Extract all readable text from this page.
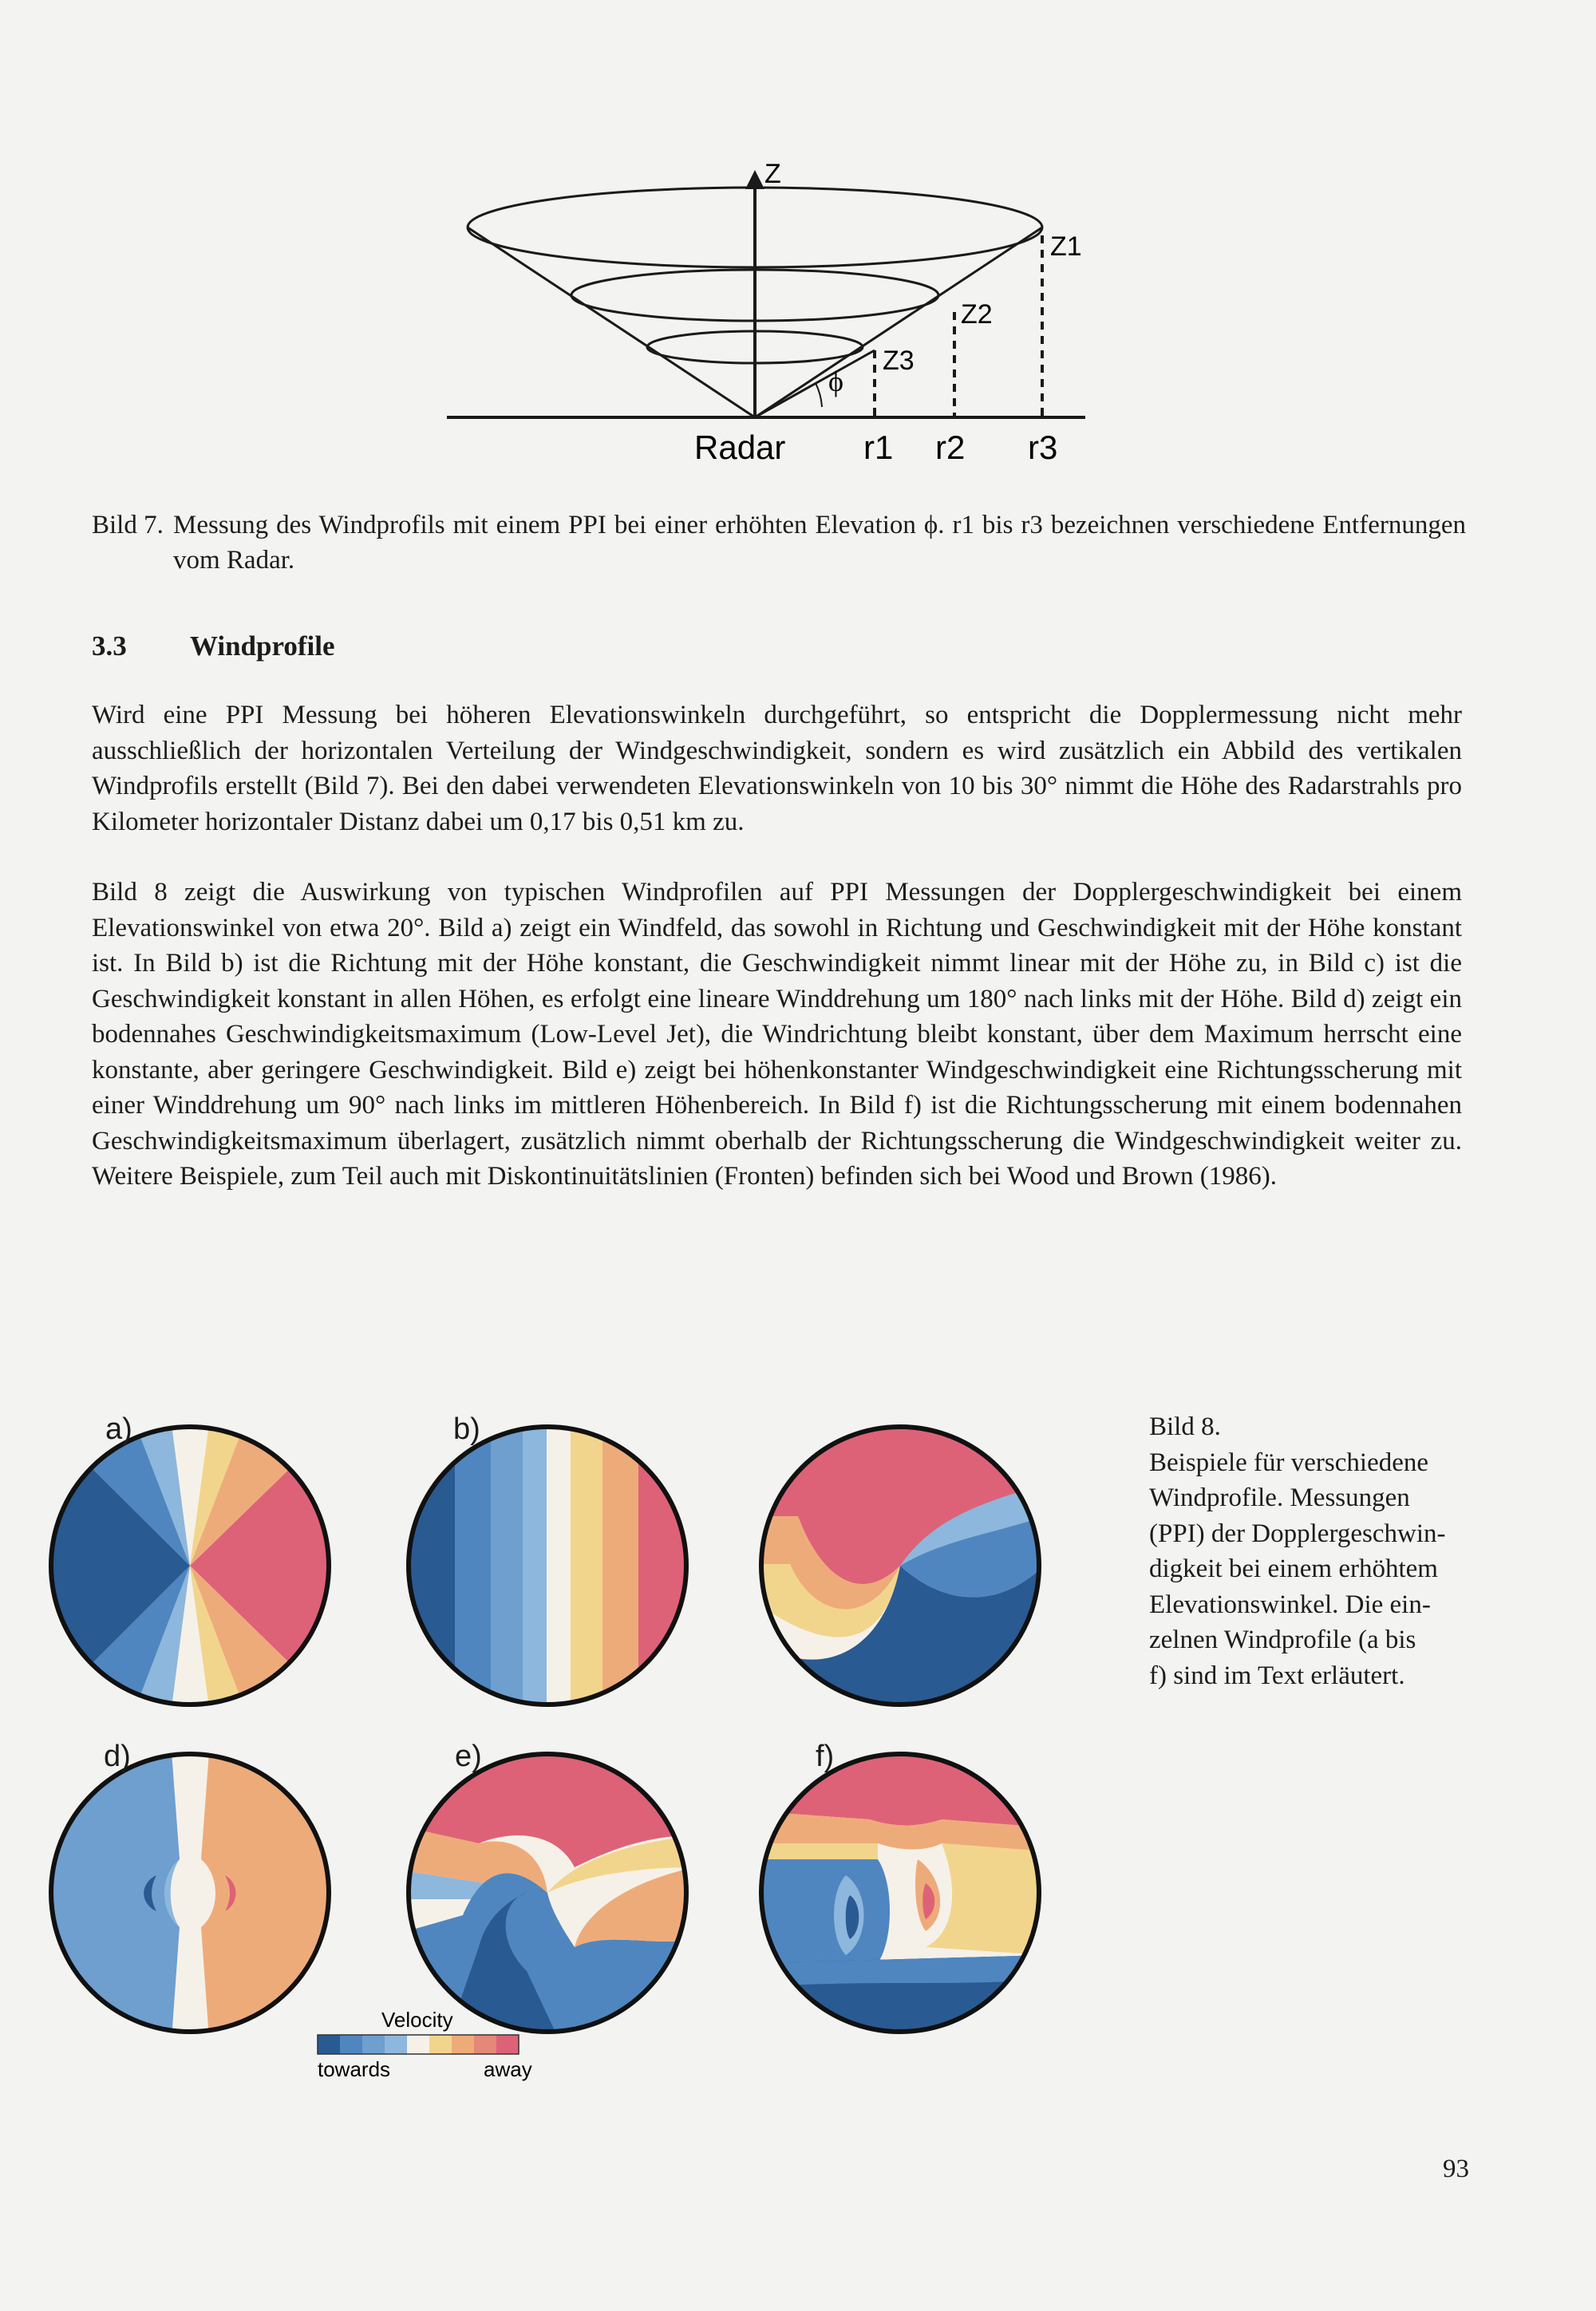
Z
ϕ
Z1
Z2
Z3
Radar r1 r2 r3
Bild 7. Messung des Windprofils mit einem PPI bei einer erhöhten Elevation ϕ. r1 bis r3 bezeichnen verschiedene Entfernungen vom Radar.
3.3 Windprofile
Wird eine PPI Messung bei höheren Elevationswinkeln durchgeführt, so entspricht die Dopplermessung nicht mehr ausschließlich der horizontalen Verteilung der Windgeschwindigkeit, sondern es wird zusätzlich ein Abbild des vertikalen Windprofils erstellt (Bild 7). Bei den dabei verwendeten Elevationswinkeln von 10 bis 30° nimmt die Höhe des Radarstrahls pro Kilometer horizontaler Distanz dabei um 0,17 bis 0,51 km zu.
Bild 8 zeigt die Auswirkung von typischen Windprofilen auf PPI Messungen der Dopplergeschwindigkeit bei einem Elevationswinkel von etwa 20°. Bild a) zeigt ein Windfeld, das sowohl in Richtung und Geschwindigkeit mit der Höhe konstant ist. In Bild b) ist die Richtung mit der Höhe konstant, die Geschwindigkeit nimmt linear mit der Höhe zu, in Bild c) ist die Geschwindigkeit konstant in allen Höhen, es erfolgt eine lineare Winddrehung um 180° nach links mit der Höhe. Bild d) zeigt ein bodennahes Geschwindigkeitsmaximum (Low-Level Jet), die Windrichtung bleibt konstant, über dem Maximum herrscht eine konstante, aber geringere Geschwindigkeit. Bild e) zeigt bei höhenkonstanter Windgeschwindigkeit eine Richtungsscherung mit einer Winddrehung um 90° nach links im mittleren Höhenbereich. In Bild f) ist die Richtungsscherung mit einem bodennahen Geschwindigkeitsmaximum überlagert, zusätzlich nimmt oberhalb der Richtungsscherung die Windgeschwindigkeit weiter zu. Weitere Beispiele, zum Teil auch mit Diskontinuitätslinien (Fronten) befinden sich bei Wood und Brown (1986).
Velocity
towards	away
a)	b)
d)	e)	f)
Bild 8.
Beispiele für verschiedene
Windprofile. Messungen
(PPI) der Dopplergeschwin-
digkeit bei einem erhöhtem
Elevationswinkel. Die ein-
zelnen Windprofile (a bis
f) sind im Text erläutert.
93
